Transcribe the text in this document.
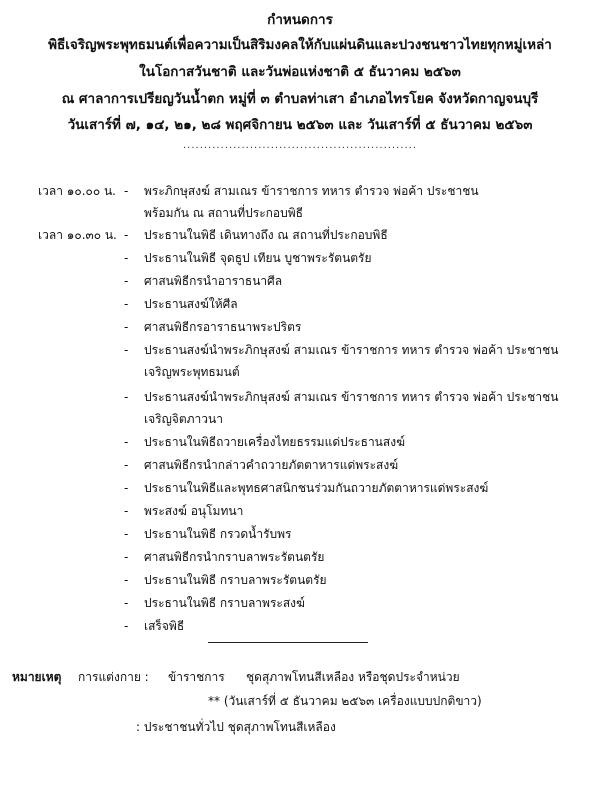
กำหนดการ
พิธีเจริญพระพุทธมนต์เพื่อความเป็นสิริมงคลให้กับแผ่นดินและปวงชนชาวไทยทุกหมู่เหล่า
ในโอกาสวันชาติ และวันพ่อแห่งชาติ ๕ ธันวาคม ๒๕๖๓
ณ ศาลาการเปรียญวันน้ำตก หมู่ที่ ๓ ตำบลท่าเสา อำเภอไทรโยค จังหวัดกาญจนบุรี
วันเสาร์ที่ ๗, ๑๔, ๒๑, ๒๘ พฤศจิกายน ๒๕๖๓ และ วันเสาร์ที่ ๕ ธันวาคม ๒๕๖๓
........................................................
เวลา ๑๐.๐๐ น. - พระภิกษุสงฆ์ สามเณร ข้าราชการ ทหาร ตำรวจ พ่อค้า ประชาชน
พร้อมกัน ณ สถานที่ประกอบพิธี
เวลา ๑๐.๓๐ น. - ประธานในพิธี เดินทางถึง ณ สถานที่ประกอบพิธี
- ประธานในพิธี จุดธูป เทียน บูชาพระรัตนตรัย
- ศาสนพิธีกรนำอาราธนาศีล
- ประธานสงฆ์ให้ศีล
- ศาสนพิธีกรอาราธนาพระปริตร
- ประธานสงฆ์นำพระภิกษุสงฆ์ สามเณร ข้าราชการ ทหาร ตำรวจ พ่อค้า ประชาชน
เจริญพระพุทธมนต์
- ประธานสงฆ์นำพระภิกษุสงฆ์ สามเณร ข้าราชการ ทหาร ตำรวจ พ่อค้า ประชาชน
เจริญจิตภาวนา
- ประธานในพิธีถวายเครื่องไทยธรรมแด่ประธานสงฆ์
- ศาสนพิธีกรนำกล่าวคำถวายภัตตาหารแด่พระสงฆ์
- ประธานในพิธีและพุทธศาสนิกชนร่วมกันถวายภัตตาหารแด่พระสงฆ์
- พระสงฆ์ อนุโมทนา
- ประธานในพิธี กรวดน้ำรับพร
- ศาสนพิธีกรนำกราบลาพระรัตนตรัย
- ประธานในพิธี กราบลาพระรัตนตรัย
- ประธานในพิธี กราบลาพระสงฆ์
- เสร็จพิธี
หมายเหตุ การแต่งกาย : ข้าราชการ ชุดสุภาพโทนสีเหลือง หรือชุดประจำหน่วย
** (วันเสาร์ที่ ๕ ธันวาคม ๒๕๖๓ เครื่องแบบปกติขาว)
: ประชาชนทั่วไป ชุดสุภาพโทนสีเหลือง
